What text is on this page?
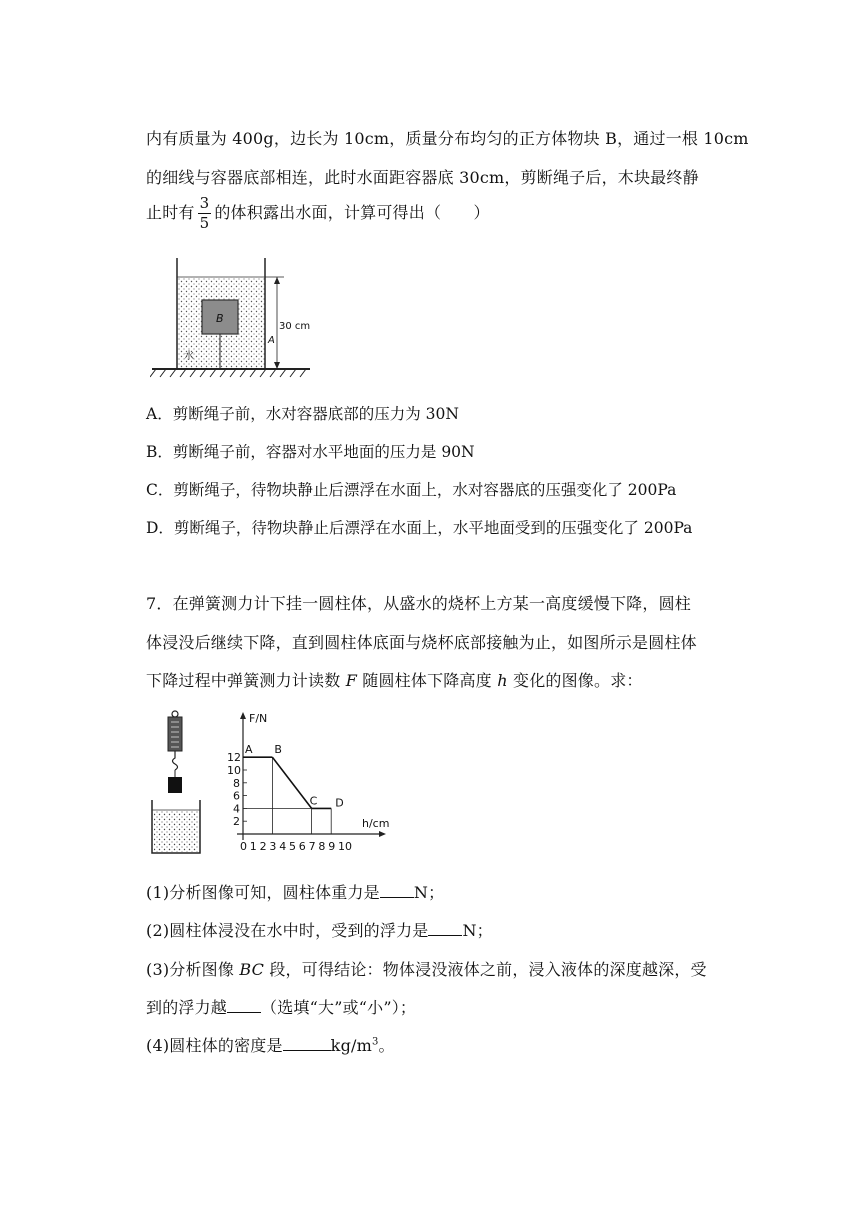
内有质量为 400g，边长为 10cm，质量分布均匀的正方体物块 B，通过一根 10cm
的细线与容器底部相连，此时水面距容器底 30cm，剪断绳子后，木块最终静
止时有 $\frac{3}{5}$ 的体积露出水面，计算可得出（　　）
B
水
30 cm
A
A．剪断绳子前，水对容器底部的压力为 30N
B．剪断绳子前，容器对水平地面的压力是 90N
C．剪断绳子，待物块静止后漂浮在水面上，水对容器底的压强变化了 200Pa
D．剪断绳子，待物块静止后漂浮在水面上，水平地面受到的压强变化了 200Pa
7．在弹簧测力计下挂一圆柱体，从盛水的烧杯上方某一高度缓慢下降，圆柱
体浸没后继续下降，直到圆柱体底面与烧杯底部接触为止，如图所示是圆柱体
下降过程中弹簧测力计读数 F 随圆柱体下降高度 h 变化的图像。求：
F/N
h/cm
0 1 2 3 4 5 6 7 8 9 10
2
4
6
8
10
12
A B
C D
(1)分析图像可知，圆柱体重力是 N；
(2)圆柱体浸没在水中时，受到的浮力是 N；
(3)分析图像 BC 段，可得结论：物体浸没液体之前，浸入液体的深度越深，受
到的浮力越 （选填“大”或“小”）；
(4)圆柱体的密度是	$kg/m^3$。
